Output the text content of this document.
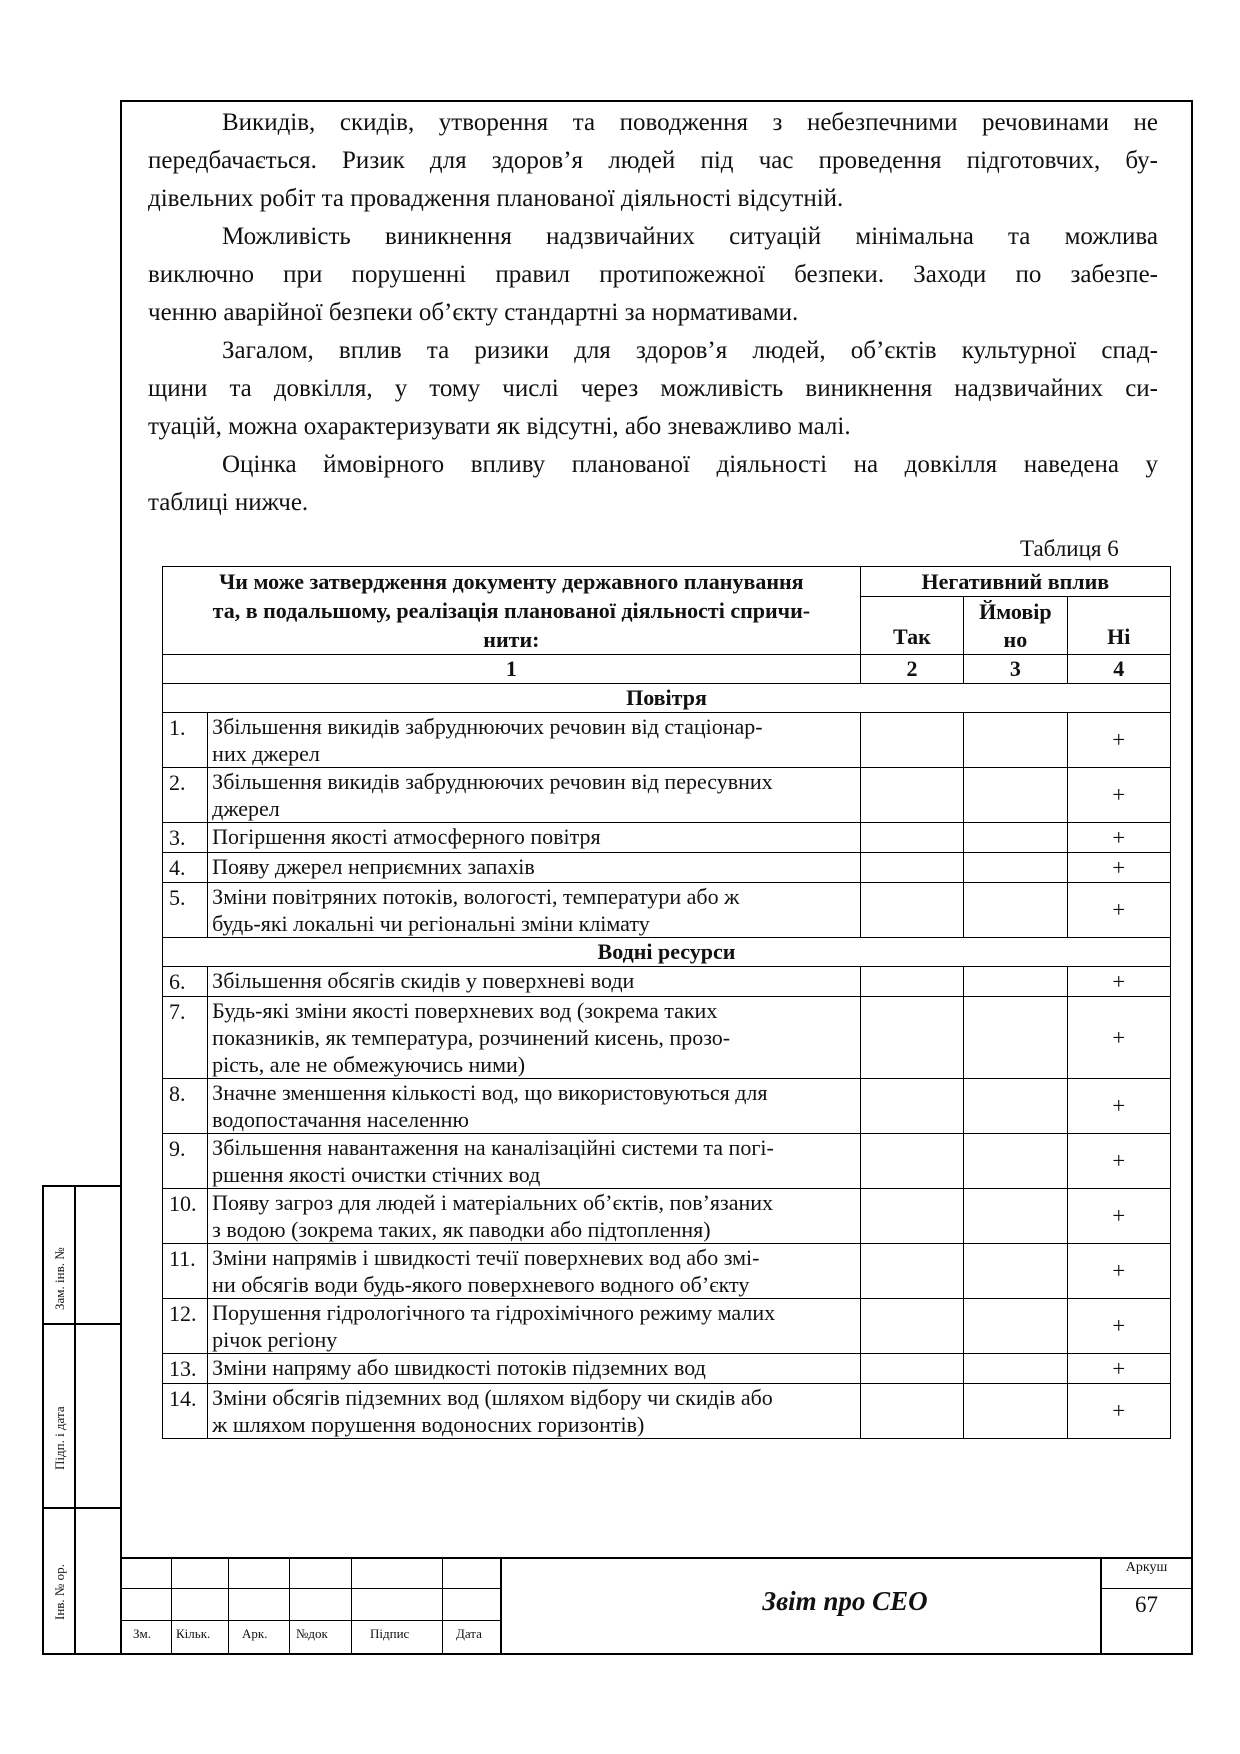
Викидів, скидів, утворення та поводження з небезпечними речовинами не
передбачається. Ризик для здоров’я людей під час проведення підготовчих, бу-
дівельних робіт та провадження планованої діяльності відсутній.
Можливість виникнення надзвичайних ситуацій мінімальна та можлива
виключно при порушенні правил протипожежної безпеки. Заходи по забезпе-
ченню аварійної безпеки об’єкту стандартні за нормативами.
Загалом, вплив та ризики для здоров’я людей, об’єктів культурної спад-
щини та довкілля, у тому числі через можливість виникнення надзвичайних си-
туацій, можна охарактеризувати як відсутні, або зневажливо малі.
Оцінка ймовірного впливу планованої діяльності на довкілля наведена у
таблиці нижче.
Таблиця 6
Чи може затвердження документу державного планування
та, в подальшому, реалізація планованої діяльності спричи-
нити:		Негативний вплив		
		Так	Ймовір
но	Ні
1		2	3	4
Повітря				
1.	Збільшення викидів забруднюючих речовин від стаціонар-
них джерел			+
2.	Збільшення викидів забруднюючих речовин від пересувних
джерел			+
3.	Погіршення якості атмосферного повітря			+
4.	Появу джерел неприємних запахів			+
5.	Зміни повітряних потоків, вологості, температури або ж
будь-які локальні чи регіональні зміни клімату			+
Водні ресурси				
6.	Збільшення обсягів скидів у поверхневі води			+
7.	Будь-які зміни якості поверхневих вод (зокрема таких
показників, як температура, розчинений кисень, прозо-
рість, але не обмежуючись ними)			+
8.	Значне зменшення кількості вод, що використовуються для
водопостачання населенню			+
9.	Збільшення навантаження на каналізаційні системи та погі-
ршення якості очистки стічних вод			+
10.	Появу загроз для людей і матеріальних об’єктів, пов’язаних
з водою (зокрема таких, як паводки або підтоплення)			+
11.	Зміни напрямів і швидкості течії поверхневих вод або змі-
ни обсягів води будь-якого поверхневого водного об’єкту			+
12.	Порушення гідрологічного та гідрохімічного режиму малих
річок регіону			+
13.	Зміни напряму або швидкості потоків підземних вод			+
14.	Зміни обсягів підземних вод (шляхом відбору чи скидів або
ж шляхом порушення водоносних горизонтів)			+
Зам. інв. №
Підп. і дата
Інв. № ор.
Зм. Кільк. Арк. №док	Підпис	Дата
Звіт про СЕО
Аркуш
67
